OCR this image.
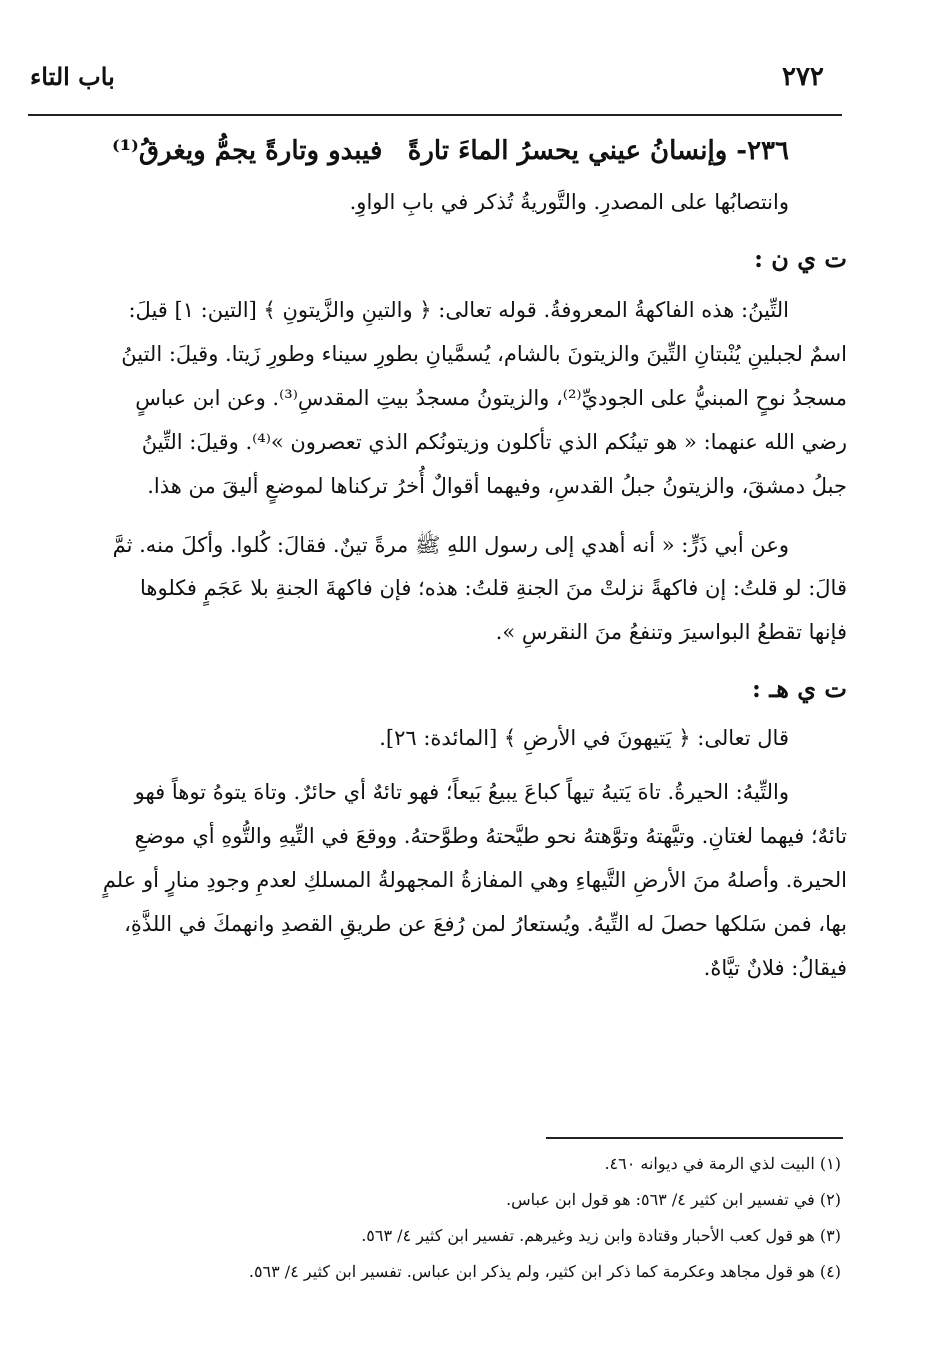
٢٧٢
باب التاء
٢٣٦- وإنسانُ عيني يحسرُ الماءَ تارةً
فيبدو وتارةً يجمُّ ويغرقُ⁽¹⁾
وانتصابُها على المصدرِ. والتَّوريةُ تُذكر في بابِ الواوِ.
ت ي ن :
التِّينُ: هذه الفاكهةُ المعروفةُ. قوله تعالى: ﴿ والتينِ والزَّيتونِ ﴾ [التين: ١] قيلَ:
اسمٌ لجبلينِ يُنْبتانِ التِّينَ والزيتونَ بالشام، يُسمَّيانِ بطورِ سيناء وطورِ زَيتا. وقيلَ: التينُ
مسجدُ نوحٍ المبنيُّ على الجوديِّ⁽²⁾، والزيتونُ مسجدُ بيتِ المقدسِ⁽³⁾. وعن ابن عباسٍ
رضي الله عنهما: « هو تينُكم الذي تأكلون وزيتونُكم الذي تعصرون »⁽⁴⁾. وقيلَ: التِّينُ
جبلُ دمشقَ، والزيتونُ جبلُ القدسِ، وفيهما أقوالٌ أُخرُ تركناها لموضعٍ أليقَ من هذا.
وعن أبي ذَرٍّ: « أنه أهدي إلى رسول اللهِ ﷺ مرةً تينٌ. فقالَ: كُلوا. وأكلَ منه. ثمَّ
قالَ: لو قلتُ: إن فاكهةً نزلتْ منَ الجنةِ قلتُ: هذه؛ فإن فاكهةَ الجنةِ بلا عَجَمٍ فكلوها
فإنها تقطعُ البواسيرَ وتنفعُ منَ النقرسِ ».
ت ي هـ :
قال تعالى: ﴿ يَتيهونَ في الأرضِ ﴾ [المائدة: ٢٦].
والتِّيهُ: الحيرةُ. تاهَ يَتيهُ تيهاً كباعَ يبيعُ بَيعاً؛ فهو تائهٌ أي حائرٌ. وتاهَ يتوهُ توهاً فهو
تائهٌ؛ فيهما لغتانِ. وتيَّهتهُ وتوَّهتهُ نحو طيَّحتهُ وطوَّحتهُ. ووقعَ في التِّيهِ والتُّوهِ أي موضعِ
الحيرة. وأصلهُ منَ الأرضِ التَّيهاءِ وهي المفازةُ المجهولةُ المسلكِ لعدمِ وجودِ منارٍ أو علمٍ
بها، فمن سَلكها حصلَ له التِّيهُ. ويُستعارُ لمن رُفعَ عن طريقِ القصدِ وانهمكَ في اللذَّةِ،
فيقالُ: فلانٌ تيَّاهٌ.
(١) البيت لذي الرمة في ديوانه ٤٦٠.
(٢) في تفسير ابن كثير ٤/ ٥٦٣: هو قول ابن عباس.
(٣) هو قول كعب الأحبار وقتادة وابن زيد وغيرهم. تفسير ابن كثير ٤/ ٥٦٣.
(٤) هو قول مجاهد وعكرمة كما ذكر ابن كثير، ولم يذكر ابن عباس. تفسير ابن كثير ٤/ ٥٦٣.
